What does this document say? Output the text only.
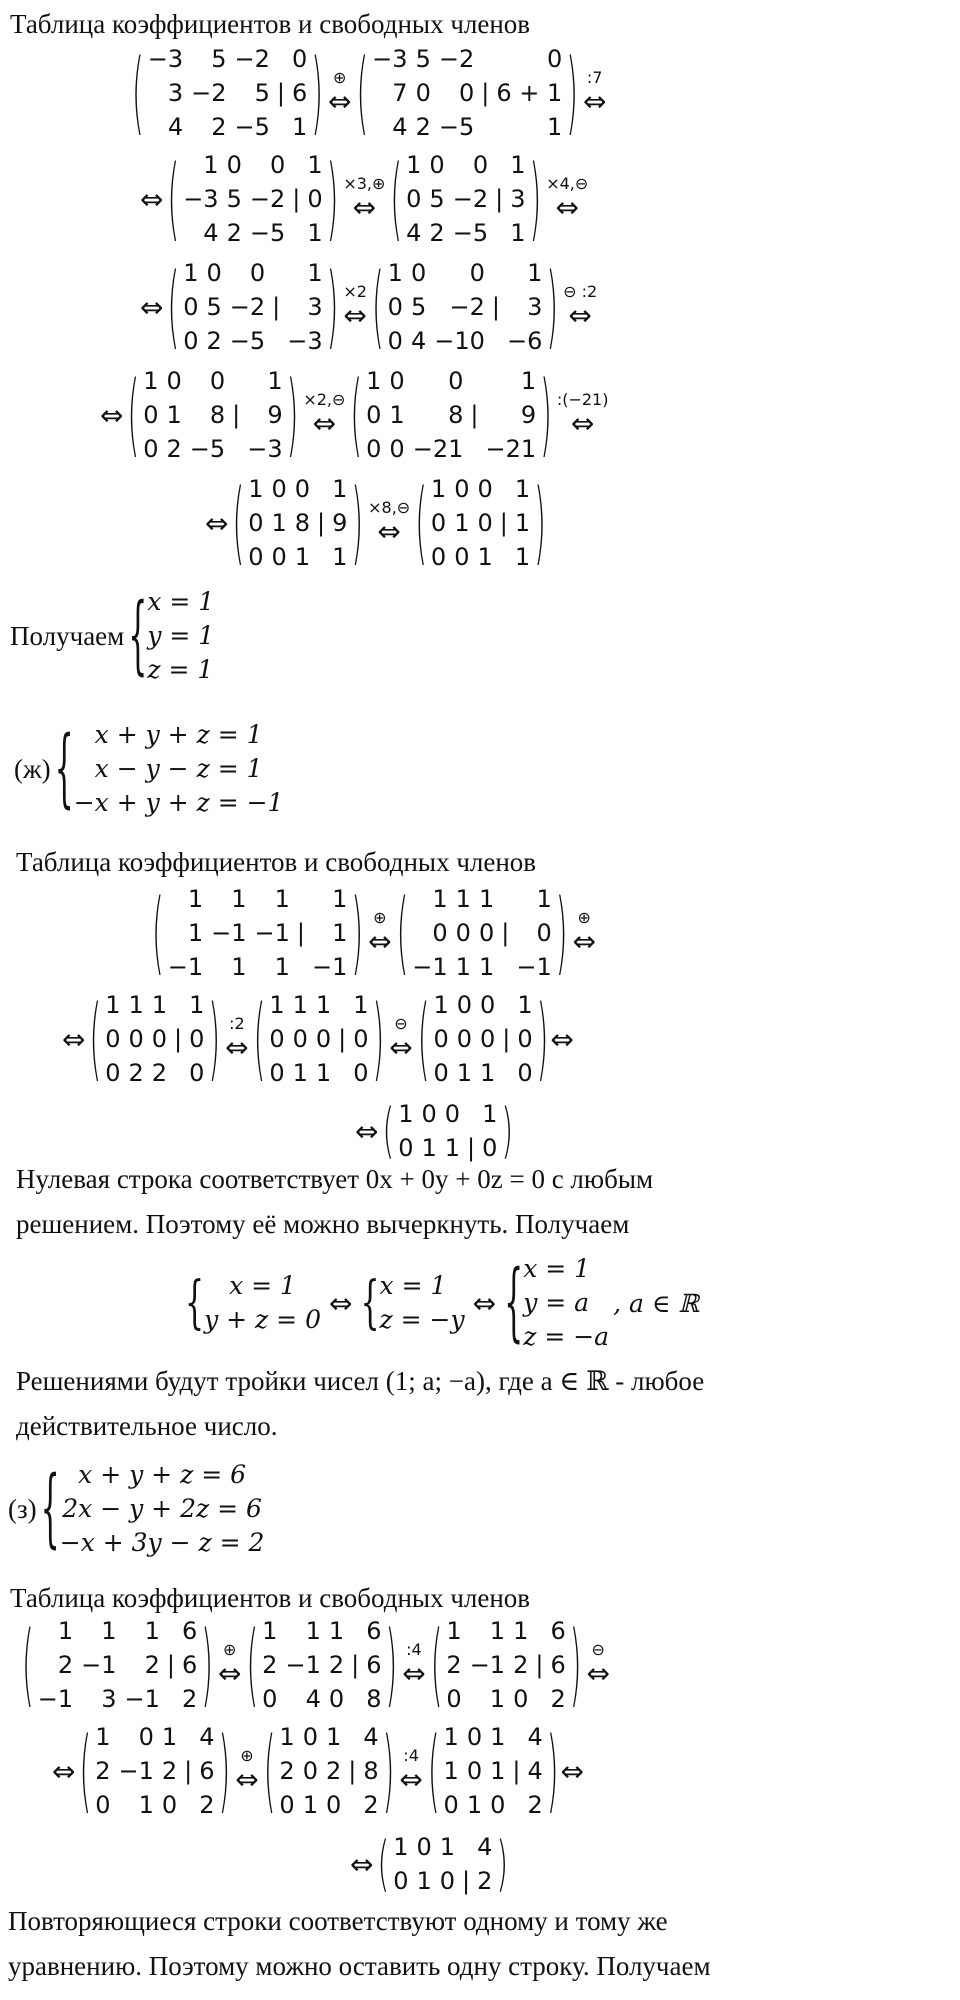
Таблица коэффициентов и свободных членов
( −3	5 −2 0
3 −2	5 | 6
4	2 −5 1 ) ⊕
⇔ ( −3 5 −2	0
7 0	0 | 6 + 1
4 2 −5	1 ) :7
⇔
⇔ (	1 0	0 1
−3 5 −2 | 0
4 2 −5 1 ) ×3,⊕
⇔ ( 1 0	0 1
0 5 −2 | 3
4 2 −5 1 ) ×4,⊖
⇔
⇔ ( 1 0	0	1
0 5 −2 |	3
0 2 −5 −3 ) ×2
⇔ ( 1 0	0	1
0 5 −2 |	3
0 4 −10 −6 ) ⊖ :2
⇔
⇔ ( 1 0	0	1
0 1	8 |	9
0 2 −5 −3 ) ×2,⊖
⇔ ( 1 0	0	1
0 1	8 |	9
0 0 −21 −21 ) :(−21)
⇔
⇔ ( 1 0 0 1
0 1 8 | 9
0 0 1 1 ) ×8,⊖
⇔ ( 1 0 0 1
0 1 0 | 1
0 0 1 1 )
Получаем { x = 1
y = 1
z = 1
(ж) { x + y + z = 1
x − y − z = 1
−x + y + z = −1
Таблица коэффициентов и свободных членов
(	1	1	1	1
1 −1 −1 |	1
−1	1	1 −1 ) ⊕
⇔ (	1 1 1	1
0 0 0 |	0
−1 1 1 −1 ) ⊕
⇔
⇔ ( 1 1 1 1
0 0 0 | 0
0 2 2 0 ) :2
⇔ ( 1 1 1 1
0 0 0 | 0
0 1 1 0 ) ⊖
⇔ ( 1 0 0 1
0 0 0 | 0
0 1 1 0 ) ⇔
⇔ ( 1 0 0 1
0 1 1 | 0 )
Нулевая строка соответствует 0x + 0y + 0z = 0 с любым
решением. Поэтому её можно вычеркнуть. Получаем
{	x = 1
y + z = 0 ⇔ { x = 1
z = −y ⇔ { x = 1
y = a
z = −a
, a ∈ ℝ
Решениями будут тройки чисел (1; a; −a), где a ∈ ℝ - любое
действительное число.
(з) { x + y + z = 6
2x − y + 2z = 6
−x + 3y − z = 2
Таблица коэффициентов и свободных членов
(	1	1	1 6
2 −1	2 | 6
−1	3 −1 2 ) ⊕
⇔ ( 1	1 1 6
2 −1 2 | 6
0	4 0 8 ) :4
⇔ ( 1	1 1 6
2 −1 2 | 6
0	1 0 2 ) ⊖
⇔
⇔ ( 1	0 1 4
2 −1 2 | 6
0	1 0 2 ) ⊕
⇔ ( 1 0 1 4
2 0 2 | 8
0 1 0 2 ) :4
⇔ ( 1 0 1 4
1 0 1 | 4
0 1 0 2 ) ⇔
⇔ ( 1 0 1 4
0 1 0 | 2 )
Повторяющиеся строки соответствуют одному и тому же
уравнению. Поэтому можно оставить одну строку. Получаем
